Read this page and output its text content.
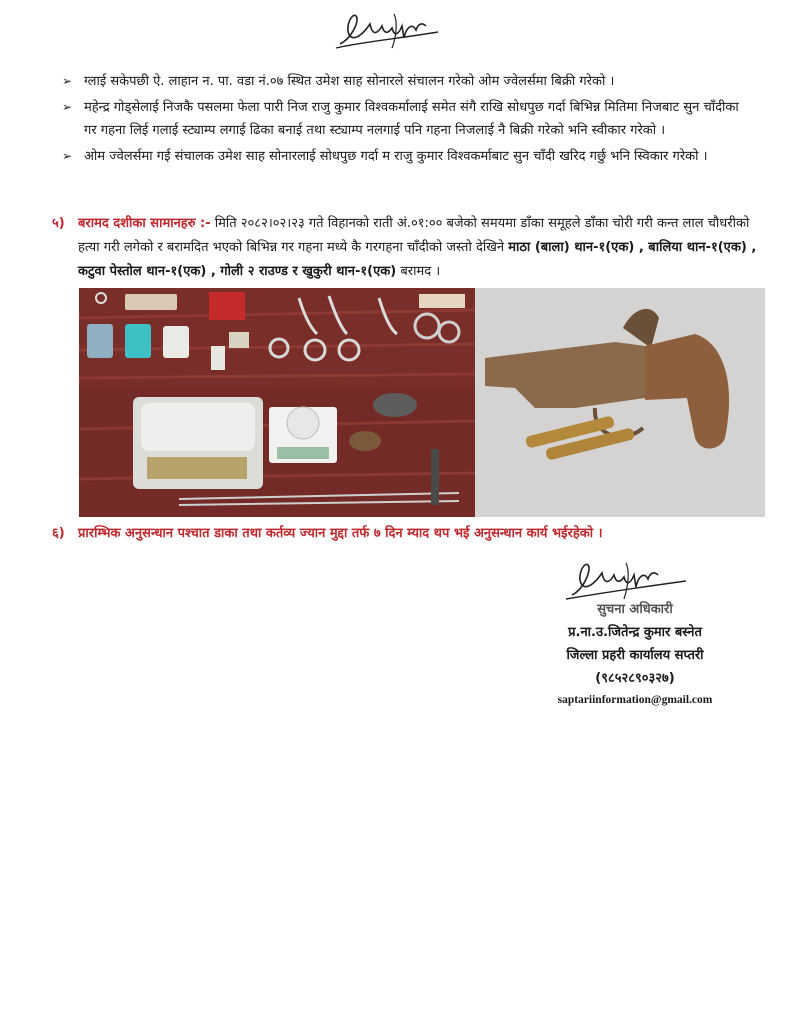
➢ ग्लाई सकेपछी ऐ. लाहान न. पा. वडा नं.०७ स्थित उमेश साह सोनारले संचालन गरेको ओम ज्वेलर्समा बिक्री गरेको ।
➢ महेन्द्र गोड्सेलाई निजकै पसलमा फेला पारी निज राजु कुमार विश्वकर्मालाई समेत संगै राखि सोधपुछ गर्दा बिभिन्न मितिमा निजबाट सुन चाँदीका गर गहना लिई गलाई स्ट्याम्प लगाई ढिका बनाई तथा स्ट्याम्प नलगाई पनि गहना निजलाई नै बिक्री गरेको भनि स्वीकार गरेको ।
➢ ओम ज्वेलर्समा गई संचालक उमेश साह सोनारलाई सोधपुछ गर्दा म राजु कुमार विश्वकर्माबाट सुन चाँदी खरिद गर्छु भनि स्विकार गरेको ।
५)	बरामद दशीका सामानहरु :- मिति २०८२।०२।२३ गते विहानको राती अं.०१:०० बजेको समयमा डाँका समूहले डाँका चोरी गरी कन्त लाल चौधरीको हत्या गरी लगेको र बरामदित भएको बिभिन्न गर गहना मध्ये कै गरगहना चाँदीको जस्तो देखिने माठा (बाला) थान-१(एक) , बालिया थान-१(एक) , कटुवा पेस्तोल थान-१(एक) , गोली २ राउण्ड र खुकुरी थान-१(एक) बरामद ।
६)	प्रारम्भिक अनुसन्धान पश्चात डाका तथा कर्तव्य ज्यान मुद्दा तर्फ ७ दिन म्याद थप भई अनुसन्धान कार्य भईरहेको ।
सुचना अधिकारी
प्र.ना.उ.जितेन्द्र कुमार बस्नेत
जिल्ला प्रहरी कार्यालय सप्तरी
(९८५२८९०३२७)
saptariinformation@gmail.com
